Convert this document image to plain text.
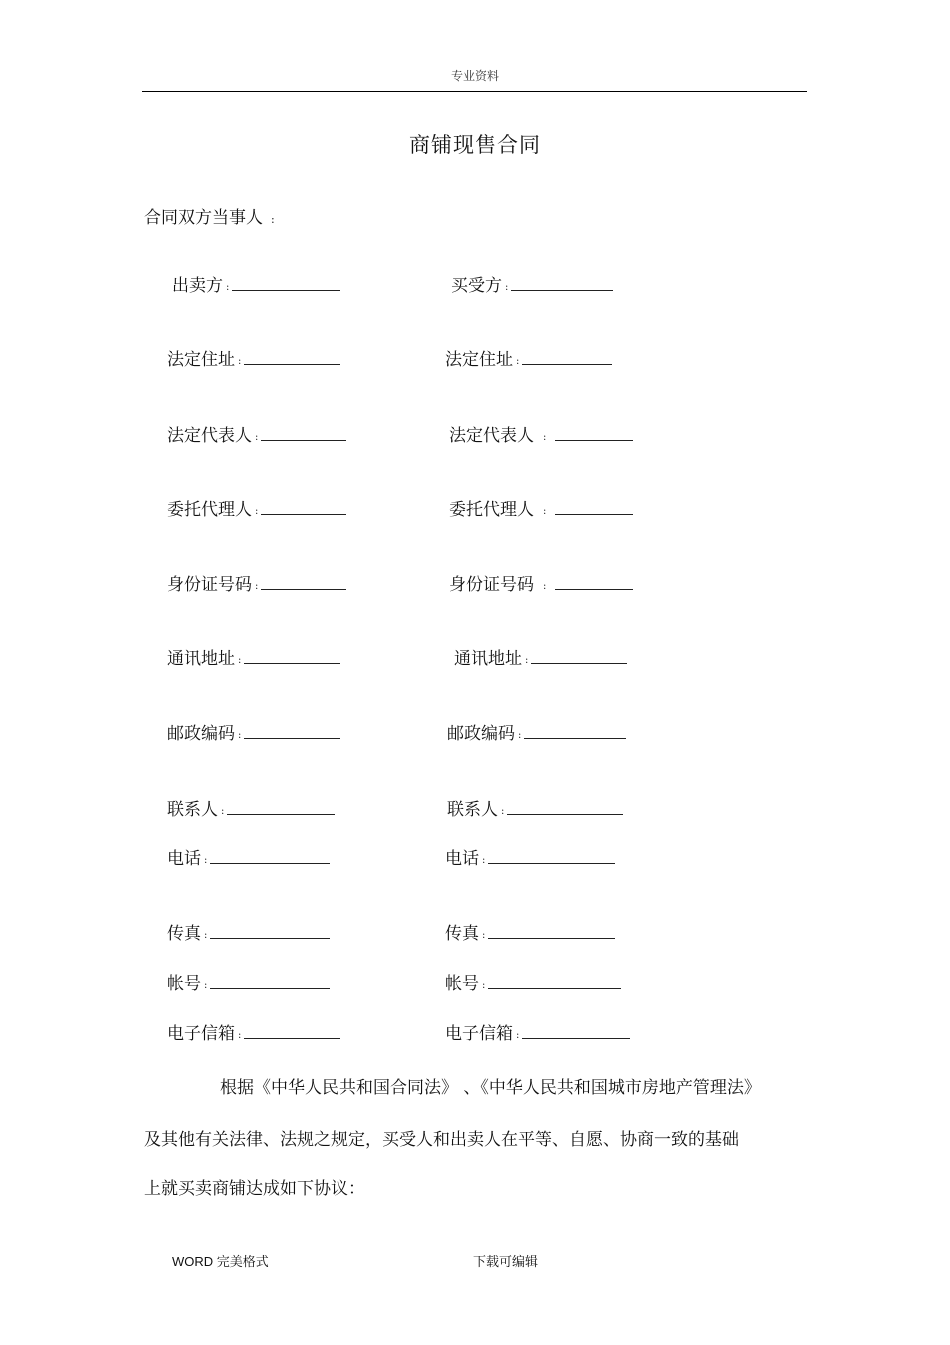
专业资料
商铺现售合同
合同双方当事人 :
出卖方 :
法定住址 :
法定代表人 :
委托代理人 :
身份证号码 :
通讯地址 :
邮政编码 :
联系人 :
电话 :
传真 :
帐号 :
电子信箱 :
买受方 :
法定住址 :
法定代表人 :
委托代理人 :
身份证号码 :
通讯地址 :
邮政编码 :
联系人 :
电话 :
传真 :
帐号 :
电子信箱 :
根据《中华人民共和国合同法》 、《中华人民共和国城市房地产管理法》
及其他有关法律、法规之规定，买受人和出卖人在平等、自愿、协商一致的基础
上就买卖商铺达成如下协议：
WORD 完美格式	下载可编辑
